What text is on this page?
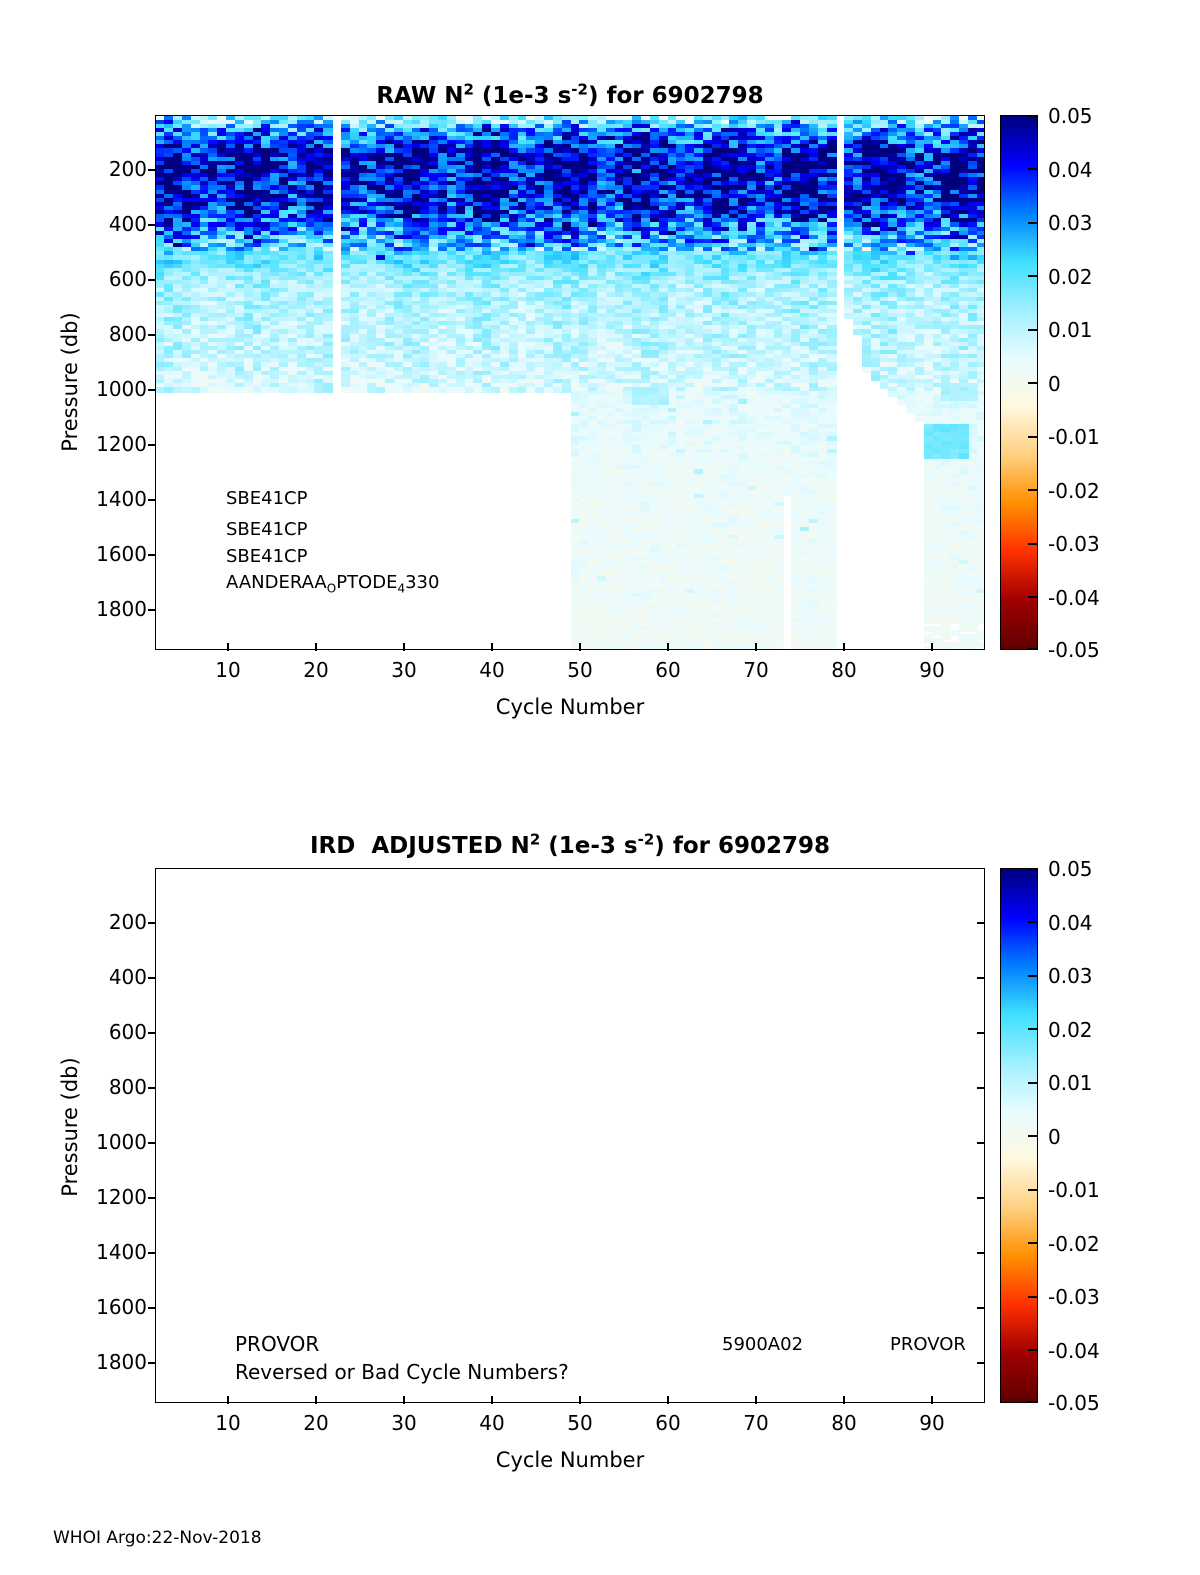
RAW $N^2$ (1e-3 $s^{-2}$) for 6902798
Pressure (db)
200
400
600
800
1000
1200
1400
1600
1800
10	20	30	40	50	60	70	80	90
Cycle Number
SBE41CP
SBE41CP
SBE41CP
$AANDERAA_OPTODE_4330$
0.05
0.04
0.03
0.02
0.01
0
-0.01
-0.02
-0.03
-0.04
-0.05
IRD  ADJUSTED $N^2$ (1e-3 $s^{-2}$) for 6902798
Pressure (db)
200
400
600
800
1000
1200
1400
1600
1800
10	20	30	40	50	60	70	80	90
Cycle Number
PROVOR
Reversed or Bad Cycle Numbers?
5900A02	PROVOR
0.05
0.04
0.03
0.02
0.01
0
-0.01
-0.02
-0.03
-0.04
-0.05
WHOI Argo:22-Nov-2018
